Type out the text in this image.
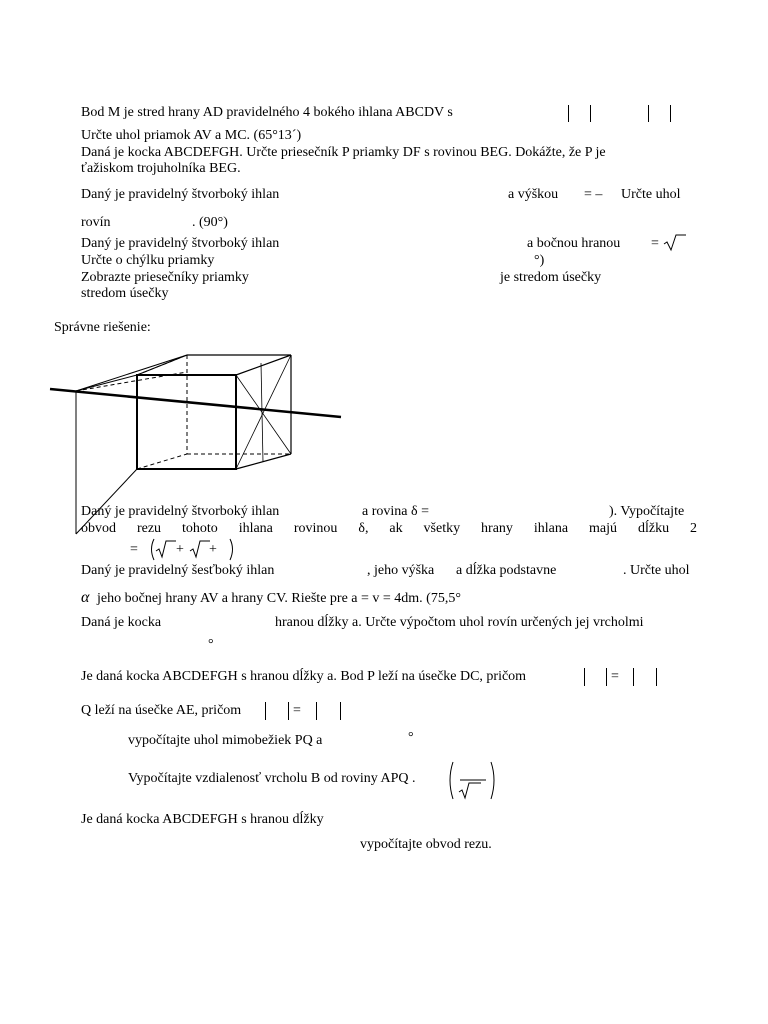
Bod M je stred hrany AD pravidelného 4 bokého ihlana ABCDV s
Určte uhol priamok AV a MC. (65°13´)
Daná je kocka ABCDEFGH. Určte priesečník P priamky DF s rovinou BEG. Dokážte, že P je
ťažiskom trojuholníka BEG.
Daný je pravidelný štvorboký ihlan	a výškou = – Určte uhol
rovín	. (90°)
Daný je pravidelný štvorboký ihlan	a bočnou hranou =
Určte o chýlku priamky	°)
Zobrazte priesečníky priamky	je stredom úsečky
stredom úsečky
Správne riešenie:
Daný je pravidelný štvorboký ihlan	a rovina δ =	). Vypočítajte
obvod rezu tohoto ihlana rovinou δ, ak všetky hrany ihlana majú dĺžku 2
=	+ +
Daný je pravidelný šesťboký ihlan	, jeho výška a dĺžka podstavne	. Určte uhol
α jeho bočnej hrany AV a hrany CV. Riešte pre a = v = 4dm. (75,5°
Daná je kocka	hranou dĺžky a. Určte výpočtom uhol rovín určených jej vrcholmi
°
Je daná kocka ABCDEFGH s hranou dĺžky a. Bod P leží na úsečke DC, pričom	=
Q leží na úsečke AE, pričom	=
vypočítajte uhol mimobežiek PQ a	°
Vypočítajte vzdialenosť vrcholu B od roviny APQ .
Je daná kocka ABCDEFGH s hranou dĺžky
vypočítajte obvod rezu.
